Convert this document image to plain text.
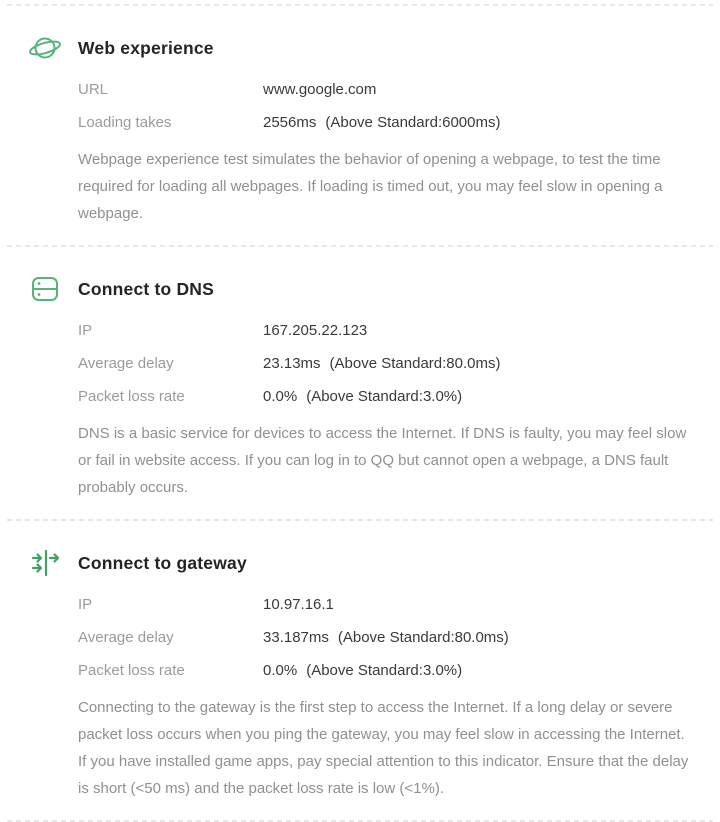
Web experience
URL	www.google.com
Loading takes	2556ms (Above Standard:6000ms)

Webpage experience test simulates the behavior of opening a webpage, to test the time required for loading all webpages. If loading is timed out, you may feel slow in opening a webpage.

Connect to DNS
IP	167.205.22.123
Average delay	23.13ms (Above Standard:80.0ms)
Packet loss rate	0.0% (Above Standard:3.0%)

DNS is a basic service for devices to access the Internet. If DNS is faulty, you may feel slow or fail in website access. If you can log in to QQ but cannot open a webpage, a DNS fault probably occurs.

Connect to gateway
IP	10.97.16.1
Average delay	33.187ms (Above Standard:80.0ms)
Packet loss rate	0.0% (Above Standard:3.0%)

Connecting to the gateway is the first step to access the Internet. If a long delay or severe packet loss occurs when you ping the gateway, you may feel slow in accessing the Internet. If you have installed game apps, pay special attention to this indicator. Ensure that the delay is short (<50 ms) and the packet loss rate is low (<1%).
